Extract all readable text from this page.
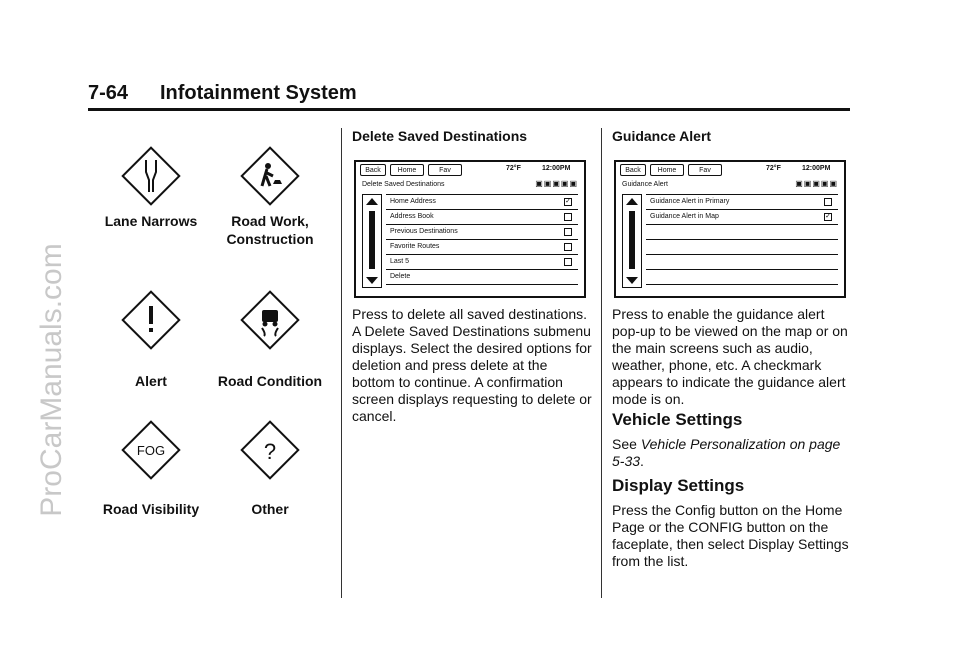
ProCarManuals.com
7-64 Infotainment System
Lane Narrows	Road Work, Construction
Alert	Road Condition
FOG
Road Visibility
?
Other
Delete Saved Destinations
Back	Home	Fav	72°F	12:00PM
Delete Saved Destinations	▣▣▣▣▣
Home Address	✓
Address Book
Previous Destinations
Favorite Routes
Last 5
Delete
Press to delete all saved destinations. A Delete Saved Destinations submenu displays. Select the desired options for deletion and press delete at the bottom to continue. A confirmation screen displays requesting to delete or cancel.
Guidance Alert
Back	Home	Fav	72°F	12:00PM
Guidance Alert	▣▣▣▣▣
Guidance Alert in Primary
Guidance Alert in Map	✓
Press to enable the guidance alert pop-up to be viewed on the map or on the main screens such as audio, weather, phone, etc. A checkmark appears to indicate the guidance alert mode is on.
Vehicle Settings
See Vehicle Personalization on page 5-33.
Display Settings
Press the Config button on the Home Page or the CONFIG button on the faceplate, then select Display Settings from the list.
